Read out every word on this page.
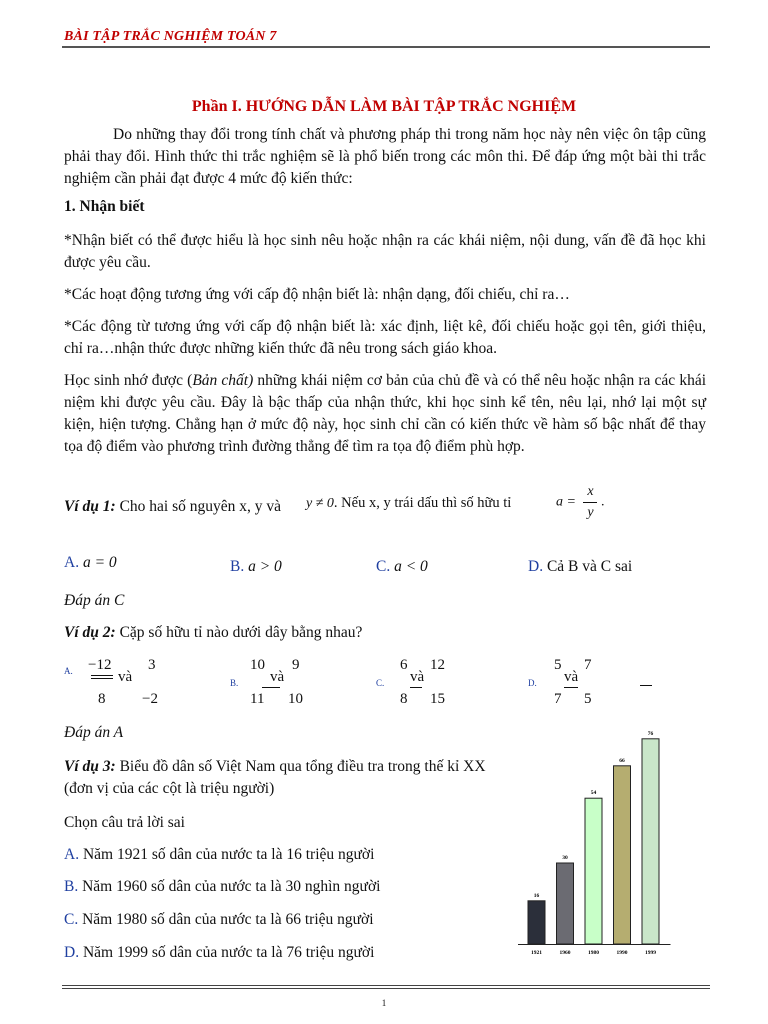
BÀI TẬP TRẮC NGHIỆM TOÁN 7
Phần I. HƯỚNG DẪN LÀM BÀI TẬP TRẮC NGHIỆM
Do những thay đổi trong tính chất và phương pháp thi trong năm học này nên việc ôn tập cũng phải thay đổi. Hình thức thi trắc nghiệm sẽ là phổ biến trong các môn thi. Để đáp ứng một bài thi trắc nghiệm cần phải đạt được 4 mức độ kiến thức:
1. Nhận biết
*Nhận biết có thể được hiểu là học sinh nêu hoặc nhận ra các khái niệm, nội dung, vấn đề đã học khi được yêu cầu.
*Các hoạt động tương ứng với cấp độ nhận biết là: nhận dạng, đối chiếu, chỉ ra…
*Các động từ tương ứng với cấp độ nhận biết là: xác định, liệt kê, đối chiếu hoặc gọi tên, giới thiệu, chỉ ra…nhận thức được những kiến thức đã nêu trong sách giáo khoa.
Học sinh nhớ được (Bản chất) những khái niệm cơ bản của chủ đề và có thể nêu hoặc nhận ra các khái niệm khi được yêu cầu. Đây là bậc thấp của nhận thức, khi học sinh kể tên, nêu lại, nhớ lại một sự kiện, hiện tượng. Chẳng hạn ở mức độ này, học sinh chỉ cần có kiến thức về hàm số bậc nhất để thay tọa độ điểm vào phương trình đường thẳng để tìm ra tọa độ điểm phù hợp.
Ví dụ 1: Cho hai số nguyên x, y và	y ≠ 0. Nếu x, y trái dấu thì số hữu tỉ	$a = \frac{x}{y}$ .
A. a = 0	B. a > 0	C. a < 0	D. Cả B và C sai
Đáp án C
Ví dụ 2: Cặp số hữu tỉ nào dưới dây bằng nhau?
A. −12
và
3
8 −2
B.
10
và
9
11 10
C.
6
và
12
8 15
D.
5
và
7
7 5
Đáp án A
Ví dụ 3: Biểu đồ dân số Việt Nam qua tổng điều tra trong thế kỉ XX (đơn vị của các cột là triệu người)
Chọn câu trả lời sai
A. Năm 1921 số dân của nước ta là 16 triệu người
B. Năm 1960 số dân của nước ta là 30 nghìn người
C. Năm 1980 số dân của nước ta là 66 triệu người
D. Năm 1999 số dân của nước ta là 76 triệu người
16
1921
30
1960
54
1980
66
1990
76
1999
1
